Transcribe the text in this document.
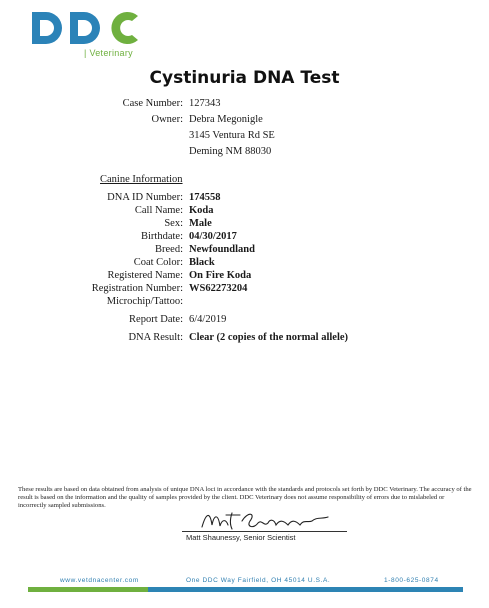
| Veterinary
Cystinuria DNA Test
Case Number: 127343
Owner: Debra Megonigle
3145 Ventura Rd SE
Deming NM 88030
Canine Information
DNA ID Number: 174558
Call Name: Koda
Sex: Male
Birthdate: 04/30/2017
Breed: Newfoundland
Coat Color: Black
Registered Name: On Fire Koda
Registration Number: WS62273204
Microchip/Tattoo:
Report Date: 6/4/2019
DNA Result: Clear (2 copies of the normal allele)
These results are based on data obtained from analysis of unique DNA loci in accordance with the standards and protocols set forth by DDC Veterinary. The accuracy of the result is based on the information and the quality of samples provided by the client. DDC Veterinary does not assume responsibility of errors due to mislabeled or incorrectly sampled submissions.
Matt Shaunessy, Senior Scientist
www.vetdnacenter.com	One DDC Way Fairfield, OH 45014 U.S.A.	1-800-625-0874
